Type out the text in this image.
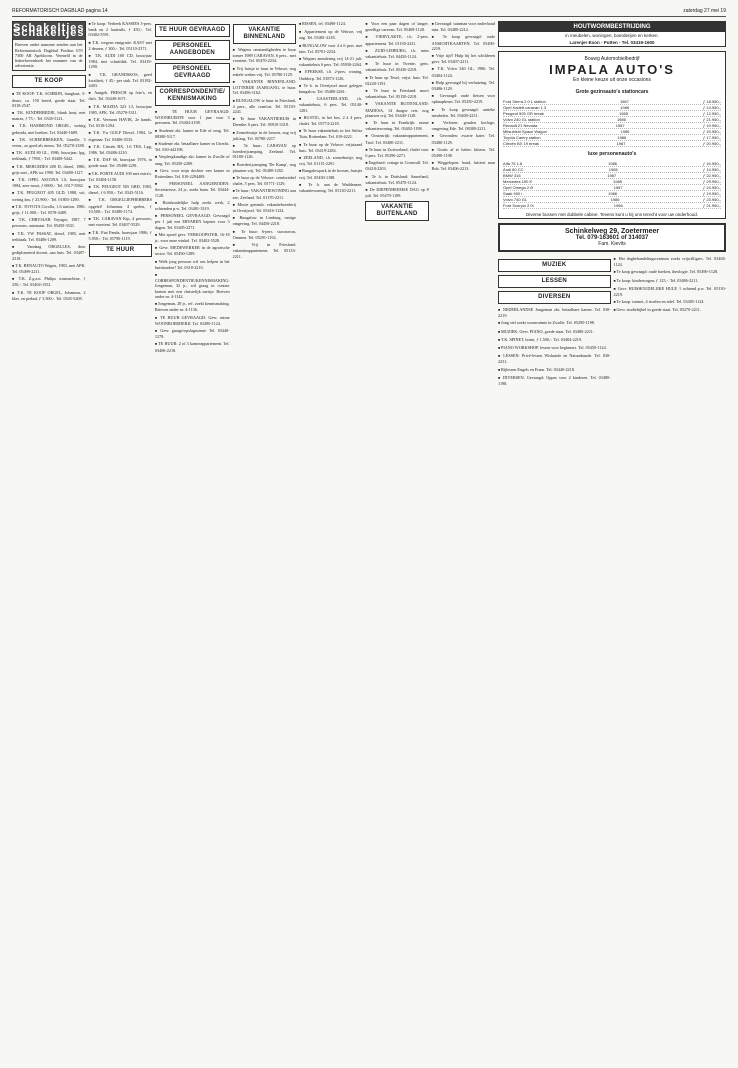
REFORMATORISCH DAGBLAD pagina 14	zaterdag 27 mei 19
Schakeltjes Schakeltjes
Brieven onder nummer zenden aan het Reformatorisch Dagblad Postbus 670 7300 AR Apeldoorn. Vermeld in de linkerbovenhoek het nummer van de advertentie.
TE KOOP

■ TE KOOP: T.K. SCHRIJN, hangkast, 3-deurs, ca. 150 breed, goede staat. Tel. 0318-2547.

■ T.K. KINDERBEDJE, blank hout, met matras, ƒ 75,-. Tel. 0345-5121.

■ T.K. HAMMOND ORGEL, weinig gebruikt, met boeken. Tel. 03440-1689.

■ T.K. SCHEERBEKKEN, Gazelle, 3 versn., zo goed als nieuw. Tel. 05270-2188.

■ T.K. AUDI 80 GL, 1986, bouwjaar, lpg, trekhaak, ƒ 7950,-. Tel. 03408-5442.

■ T.K. MERCEDES 200 D, diesel, 1986, grijs met., APK tot 1990. Tel. 03480-1127.

■ T.K. OPEL ASCONA 1.6, bouwjaar 1984, zeer mooi, ƒ 6900,-. Tel. 0317-5582.

■ T.K. PEUGEOT 405 GLD, 1988, wit, weinig km, ƒ 23.900,-. Tel. 01803-1290.

■ T.K. TOYOTA Corolla, 1.6 station, 1986, grijs, ƒ 11.000,-. Tel. 0578-4409.

■ T.K. CHRYSLER Voyager, 1987, 7 persoons, automaat. Tel. 05450-3331.

■ T.K. VW PASSAT, diesel, 1985, met trekhaak. Tel. 03486-1209.

■ Vandaag ORGELLES, door gediplomeerd docent, aan huis. Tel. 03497-2318.

■ T.K. BENAUTO Wagen, 1983, met APK. Tel. 05499-2211.

■ T.K. Z.g.a.n. Philips wasmachine, ƒ 250,-. Tel. 03404-1552.

■ T.K. TE KOOP ORGEL, Johannus, 2 klav. en pedaal, ƒ 3.500,-. Tel. 0345-5208.

■ Te koop: Verbeek KASSIES 3-pers. bank en 2 fauteuils, ƒ 450,-. Tel. 03402-5591.

■ T.K. wegens emigratie: KAST met 2 deuren, ƒ 300,-. Tel. 05110-2371.

■ T.K. AUDI 100 CD, bouwjaar 1984, met schuifdak. Tel. 03419-1290.

■ T.K. GRANDSKOS, goed kwaliteit, ƒ 45,- per stuk. Tel. 03182-4403.

■ Aangeb. FRESCH op foto's, en dia's. Tel. 03440-1671.

■ T.K. MAZDA 323 1.5, bouwjaar 1985, APK. Tel. 05270-3311.

■ T.K. Vermont HAVIK, 2e hands. Tel. 0318-1294.

■ T.K. Vw GOLF Diesel, 1984, 1e eigenaar. Tel. 03406-5533.

■ T.K. Citroën BX, 1.6 TRS, Lpg, 1986. Tel. 03486-2210.

■ T.K. DAF 66, bouwjaar 1976, in goede staat. Tel. 05490-2291.

■ T.K. PORTE AUDI 100 met extra's. Tel. 03404-1158.

■ T.K. PEUGEOT 505 GRD, 1983, diesel, ƒ 6.950,-. Tel. 0343-5116.

■ T.K. ORGELLIEFHEBBERS opgelet! Johannus 4 spelen, ƒ 10.500,-. Tel. 03480-1174.

■ T.K. CARAVAN Kip, 4 persoons, met voortent. Tel. 03407-5529.

■ T.K. Fiat Panda, bouwjaar 1986, ƒ 5.950,-. Tel. 05790-1119.

TE HUUR
TE HUUR GEVRAAGD
PERSONEEL AANGEBODEN
PERSONEEL GEVRAAGD
CORRESPONDENTIE/ KENNISMAKING

■ TE HUUR GEVRAAGD: WOONRUIMTE voor 1 jaar voor 3 personen. Tel. 03404-2198.

■ Studente zkt. kamer in Ede of omg. Tel. 08380-5117.

■ Studente zkt. betaalbare kamer in Utrecht. Tel. 030-442198.

■ Verpleegkundige zkt. kamer in Zwolle of omg. Tel. 05250-2289.

■ Gevr. voor mijn dochter een kamer in Rotterdam. Tel. 010-2294409.

■ PERSONEEL AANGEBODEN: Secretaresse, 24 jr., zoekt baan. Tel. 03444-1128.

■ Huishoudelijke hulp zoekt werk, 2 ochtenden p.w. Tel. 03481-3319.

■ PERSONEEL GEVRAAGD: Gevraagd per 1 juli een ERVAREN kapster voor 3 dagen. Tel. 03405-2271.

■ Met spoed gevr. VERKOOPSTER, 16-18 jr., voor onze winkel. Tel. 03402-5528.

■ Gevr. MEDEWERKER in de agrarische sector. Tel. 05490-1289.

■ Welk jong persoon wil ons helpen in het huishouden? Tel. 0318-2210.

■ CORRESPONDENTIE/KENNISMAKING: Jongeman, 32 jr., wil graag in contact komen met een christelijk meisje. Brieven onder nr. 4-1142.

■ Jongeman, 28 jr., ref. zoekt kennismaking. Brieven onder nr. 4-1136.

■ TE HUUR GEVRAAGD: Gevr. ruime WOONBOERDERIJ. Tel. 03490-1124.

■ Gevr. garage/opslagruimte. Tel. 03440-1278.

■ TE HUUR: 2 of 3 kamerappartement. Tel. 03406-2218.

VAKANTIE BINNENLAND

■ Wegens omstandigheden te huur zomer 1989 CARAVAN, 6 pers., met voortent. Tel. 05470-2234.

■ Vrij huisje te huur in Veluwe, nog enkele weken vrij. Tel. 05780-1129.

■ VAKANTIE BINNENLAND: LOTTERIJE JAARGANG, te huur. Tel. 03496-1162.

■ BUNGALOW te huur in Friesland, 4 pers., alle comfort. Tel. 05150-2241.

■ Te huur VAKANTIEHUIS in Drenthe, 6 pers. Tel. 05910-3318.

■ Zomerhuisje in de bossen, nog vrij juli/aug. Tel. 05780-2217.

■ Te huur: CARAVAN op boerderijcamping, Zeeland. Tel. 01180-1126.

■ Boerderijcamping 'De Kamp', nog plaatsen vrij. Tel. 05480-1282.

■ Te huur op de Veluwe: comfortabel chalet, 5 pers. Tel. 05771-1129.

■ Te huur: VAKANTIEWONING aan zee, Zeeland. Tel. 01170-2211.

■ Mooie gemeub. vakantieboerderij in Overijssel. Tel. 05416-1124.

■ Bungalow in Limburg, rustige omgeving. Tel. 04450-2218.

■ Te huur: 6-pers. stacaravan, Ommen. Tel. 05291-1192.

■ Vrij in Friesland: vakantieappartement. Tel. 05133-2211.

■ RISSEN, tel. 03490-1124.

■ Appartement op de Veluwe, vrij aug. Tel. 03481-2218.

■ BUNGALOW voor 4 à 6 pers. met tuin. Tel. 05701-2234.

■ Wegens annulering vrij 14-21 juli: vakantiehuis 6 pers. Tel. 05930-2264.

■ EFEEKSE, t.h. 2-pers. woning, Ouddorp. Tel. 01873-1126.

■ Te h. in Overijssel mooi gelegen bungalow. Tel. 05480-2261.

■ GAASTERLAND, t.h. vakantiehuis, 6 pers. Tel. 05140-1281.

■ RUSTIG, in het bos, 2 à 4 pers. chalet. Tel. 05774-2218.

■ Te huur vakantiehuis in het Stiftse Tuin, Rotterdam. Tel. 010-4221.

■ Te huur op de Veluwe: vrijstaand huis. Tel. 03419-2284.

■ ZEELAND, t.h. zomerhuisje, nog vrij. Tel. 01115-2291.

■ Bungalowpark in de bossen, huisjes vrij. Tel. 05450-1188.

■ Te h. aan de Waddenzee, vakantiewoning. Tel. 05130-2211.

■ Voor een paar dagen of langer, gezellige caravan. Tel. 05408-1128.

■ VIERVLAKTE, t.h. 2-pers. appartement. Tel. 01150-2231.

■ ZUID-LIMBURG, t.h. ruim vakantiehuis. Tel. 04450-1124.

■ Te huur in Twente, gem. vakantiehuis. Tel. 05430-2218.

■ Te huur op Texel, vrijst. huis. Tel. 02220-1191.

■ Te huur in Friesland: mooi vakantiehuis. Tel. 05150-2218.

■ VAKANTIE BUITENLAND: MADESA, 14 daagse reis, nog plaatsen vrij. Tel. 03440-1128.

■ Te huur in Frankrijk: ruime vakantiewoning. Tel. 03402-1198.

■ Oostenrijk: vakantieappartement, Tirol. Tel. 03480-2211.

■ Te huur in Zwitserland, chalet voor 6 pers. Tel. 05290-2271.

■ Engeland: cottage in Cornwall. Tel. 03418-2203.

■ Te h. in Duitsland: Sauerland, vakantiehuis. Tel. 05470-1124.

■ De DIEPENHEEMSE DAG op 8 juli. Tel. 05470-1189.

VAKANTIE BUITENLAND

■ Gevraagd: tuinman voor onderhoud tuin. Tel. 03480-2212.

■ Te koop gevraagd: oude ANSICHTKAARTEN. Tel. 05490-2219.

■ Vrije tijd? Hulp bij het schilderen gevr. Tel. 03407-2211.

■ T.K. Volvo 340 GL, 1986. Tel. 03404-1124.

■ Hulp gevraagd bij verhuizing. Tel. 03486-1129.

■ Gevraagd: oude fietsen voor opknapbeurt. Tel. 05250-2219.

■ Te koop gevraagd: antieke meubelen. Tel. 03400-2231.

■ Verloren: gouden horloge, omgeving Ede. Tel. 08380-2211.

■ Gevonden: zwarte kater. Tel. 03480-1129.

■ Gratis af te halen: kittens. Tel. 05490-1198.

■ Weggelopen: hond, luistert naar Bob. Tel. 03406-2213.

HOUTWORMBESTRIJDING
in meubelen, woningen, boerderijen en kerken.
Larenjer-Exon - Putten - Tel. 03419-1600
Bouwg Automobielbedrijf
IMPALA AUTO'S
En kleine keuze uit onze occasions
Grote gezinsauto's stationcars
Ford Sierra 2.0 L station	1987	ƒ 18.950,-
Opel Kadett caravan 1.3	1986	ƒ 14.950,-
Peugeot 505 GR break	1985	ƒ 12.950,-
Volvo 240 GL station	1986	ƒ 21.950,-
Renault 21 Nevada	1987	ƒ 19.950,-
Mitsubishi Space Wagon	1985	ƒ 15.950,-
Toyota Camry station	1986	ƒ 17.950,-
Citroën BX 19 break	1987	ƒ 20.950,-
luxe personenauto's
Alfa 75 1.8	1986	ƒ 16.950,-
Audi 80 CC	1985	ƒ 14.950,-
BMW 316	1987	ƒ 22.950,-
Mercedes 190 E	1985	ƒ 29.950,-
Opel Omega 2.0i	1987	ƒ 24.950,-
Saab 900 i	1986	ƒ 19.950,-
Volvo 740 GL	1986	ƒ 23.950,-
Ford Scorpio 2.0i	1986	ƒ 21.950,-
Diverse bussen met dubbele cabine. Tevens kunt u bij ons terecht voor uw onderhoud.
Schinkelweg 29, Zoetermeer
Tel. 079-163601 of 314037
Fam. Kievits
MUZIEK
LESSEN
DIVERSEN

■ NEDERLANDSE Jongeman zkt. betaalbare kamer. Tel. 030-2219.

■ Jong stel zoekt woonruimte in Zwolle. Tel. 05290-1198.

■ MUZIEK: Gevr. PIANO, goede staat. Tel. 03480-2211.

■ T.K. SPINET, bruin, ƒ 1.500,-. Tel. 03404-2219.

■ PIANO WORKSHOP, lessen voor beginners. Tel. 05450-1124.

■ LESSEN: Privé-lessen Wiskunde en Natuurkunde. Tel. 030-2231.

■ Bijlessen Engels en Frans. Tel. 03440-2218.

■ DIVERSEN: Gevraagd: Oppas voor 2 kinderen. Tel. 03480-1198.

■ Het dagbehandelingscentrum zoekt vrijwilligers. Tel. 03404-1124.

■ Te koop gevraagd: oude boeken, theologie. Tel. 05490-1128.

■ Te koop: kinderwagen, ƒ 125,-. Tel. 03486-2211.

■ Gevr. HUISHOUDELIJKE HULP, 1 ochtend p.w. Tel. 05130-2219.

■ Te koop: tuinset, 4 stoelen en tafel. Tel. 03405-1124.

■ Gevr. studiebijbel in goede staat. Tel. 05270-2211.
